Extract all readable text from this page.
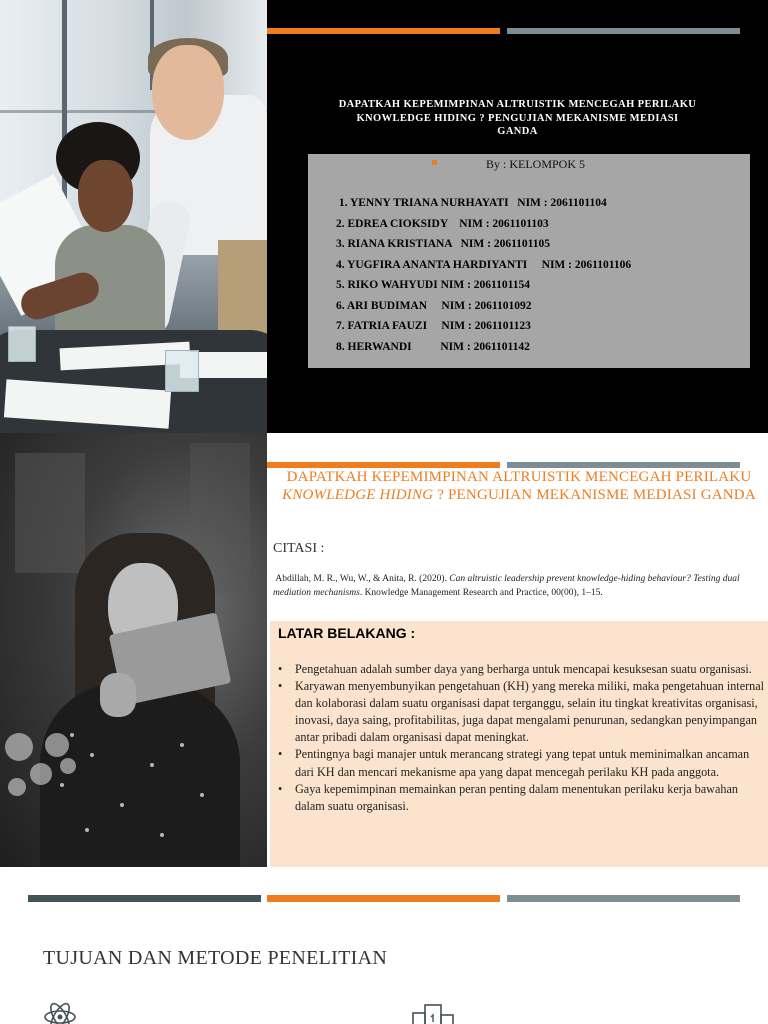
DAPATKAH KEPEMIMPINAN ALTRUISTIK MENCEGAH PERILAKU KNOWLEDGE HIDING ? PENGUJIAN MEKANISME MEDIASI GANDA
By : KELOMPOK 5
1. YENNY TRIANA NURHAYATI   NIM : 2061101104
2. EDREA CIOKSIDY    NIM : 2061101103
3. RIANA KRISTIANA   NIM : 2061101105
4. YUGFIRA ANANTA HARDIYANTI     NIM : 2061101106
5. RIKO WAHYUDI NIM : 2061101154
6. ARI BUDIMAN     NIM : 2061101092
7. FATRIA FAUZI     NIM : 2061101123
8. HERWANDI          NIM : 2061101142
DAPATKAH KEPEMIMPINAN ALTRUISTIK MENCEGAH PERILAKU KNOWLEDGE HIDING ? PENGUJIAN MEKANISME MEDIASI GANDA
CITASI :
Abdillah, M. R., Wu, W., & Anita, R. (2020). Can altruistic leadership prevent knowledge-hiding behaviour? Testing dual mediation mechanisms. Knowledge Management Research and Practice, 00(00), 1–15.
LATAR BELAKANG :
• Pengetahuan adalah sumber daya yang berharga untuk mencapai kesuksesan suatu organisasi.
• Karyawan menyembunyikan pengetahuan (KH) yang mereka miliki, maka pengetahuan internal dan kolaborasi dalam suatu organisasi dapat terganggu, selain itu tingkat kreativitas organisasi, inovasi, daya saing, profitabilitas, juga dapat mengalami penurunan, sedangkan penyimpangan antar pribadi dalam organisasi dapat meningkat.
• Pentingnya bagi manajer untuk merancang strategi yang tepat untuk meminimalkan ancaman dari KH dan mencari mekanisme apa yang dapat mencegah perilaku KH pada anggota.
• Gaya kepemimpinan memainkan peran penting dalam menentukan perilaku kerja bawahan dalam suatu organisasi.
TUJUAN DAN METODE PENELITIAN
